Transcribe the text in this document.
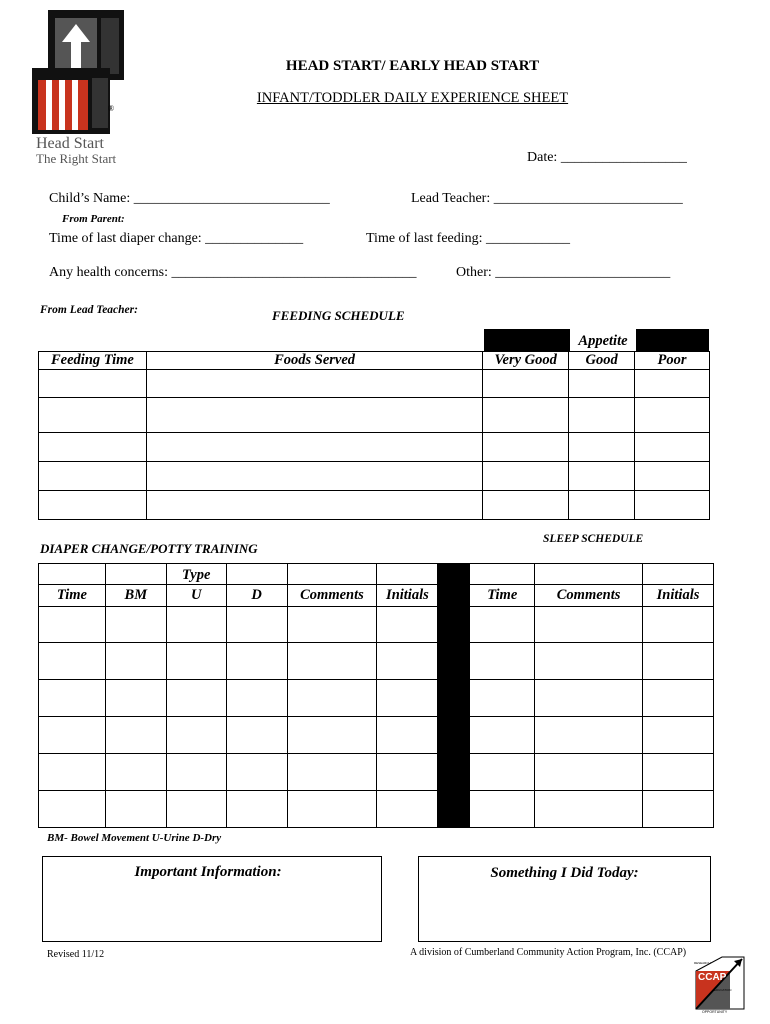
®
Head Start
The Right Start
HEAD START/ EARLY HEAD START
INFANT/TODDLER DAILY EXPERIENCE SHEET
Date: __________________
Child’s Name: ____________________________	Lead Teacher: ___________________________
From Parent:
Time of last diaper change: ______________	Time of last feeding: ____________
Any health concerns: ___________________________________	Other: _________________________
From Lead Teacher:	FEEDING SCHEDULE
Appetite
Feeding Time	Foods Served	Very Good	Good	Poor

SLEEP SCHEDULE
DIAPER CHANGE/POTTY TRAINING
		Type							
Time	BM	U	D	Comments	Initials		Time	Comments	Initials

BM- Bowel Movement U-Urine D-Dry
Important Information:	Something I Did Today:
Revised 11/12	A division of Cumberland Community Action Program, Inc. (CCAP)
CCAP
RESEARCH
EDUCATION
OPPORTUNITY
